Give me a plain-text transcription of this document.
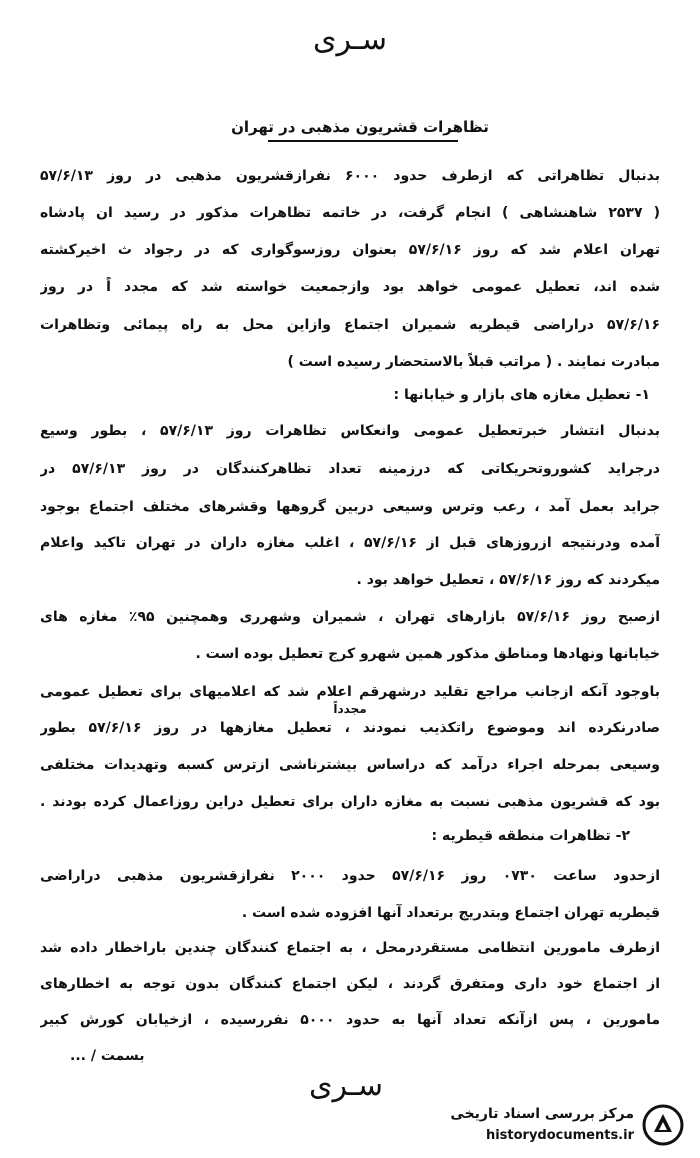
سـرى
تظاهرات قشریون مذهبی در تهران
بدنبال تظاهراتی که ازطرف حدود ۶۰۰۰ نفرازقشریون مذهبی در روز ۵۷/۶/۱۳
( ۲۵۳۷ شاهنشاهی ) انجام گرفت، در خاتمه تظاهرات مذکور در رسید ان پادشاه
تهران اعلام شد که روز ۵۷/۶/۱۶ بعنوان روزسوگواری که در رجواد ث اخیرکشته
شده اند، تعطیل عمومی خواهد بود وازجمعیت خواسته شد که مجدد اً در روز
۵۷/۶/۱۶ دراراضی قیطریه شمیران اجتماع وازاین محل به راه پیمائی وتظاهرات
مبادرت نمایند . ( مراتب قبلاً بالاستحضار رسیده است )
۱- تعطیل مغازه های بازار و خیابانها :
بدنبال انتشار خبرتعطیل عمومی وانعکاس تظاهرات روز ۵۷/۶/۱۳ ، بطور وسیع
درجراید کشوروتحریکاتی که درزمینه تعداد تظاهرکنندگان در روز ۵۷/۶/۱۳ در
جراید بعمل آمد ، رعب وترس وسیعی دربین گروهها وقشرهای مختلف اجتماع بوجود
آمده ودرنتیجه ازروزهای قبل از ۵۷/۶/۱۶ ، اغلب مغازه داران در تهران تاکید واعلام
میکردند که روز ۵۷/۶/۱۶ ، تعطیل خواهد بود .
ازصبح روز ۵۷/۶/۱۶ بازارهای تهران ، شمیران وشهرری وهمچنین ۹۵٪ مغازه های
خیابانها ونهادها ومناطق مذکور همین شهرو کرج تعطیل بوده است .
باوجود آنکه ازجانب مراجع تقلید درشهرقم اعلام شد که اعلامیهای برای تعطیل عمومی
مجدداً
صادرنکرده اند وموضوع راتکذیب نمودند ، تعطیل مغازهها در روز ۵۷/۶/۱۶ بطور
وسیعی بمرحله اجراء درآمد که دراساس بیشترناشی ازترس کسبه وتهدیدات مختلفی
بود که قشریون مذهبی نسبت به مغازه داران برای تعطیل دراین روزاعمال کرده بودند .
۲- تظاهرات منطقه قیطریه :
ازحدود ساعت ۰۷۳۰ روز ۵۷/۶/۱۶ حدود ۲۰۰۰ نفرازقشریون مذهبی دراراضی
قیطریه تهران اجتماع وبتدریج برتعداد آنها افزوده شده است .
ازطرف مامورین انتظامی مستقردرمحل ، به اجتماع کنندگان چندین باراخطار داده شد
از اجتماع خود داری ومتفرق گردند ، لیکن اجتماع کنندگان بدون توجه به اخطارهای
مامورین ، پس ازآنکه تعداد آنها به حدود ۵۰۰۰ نفررسیده ، ازخیابان کورش کبیر
بسمت / ...
سـرى
مرکز بررسی اسناد تاریخی
historydocuments.ir
